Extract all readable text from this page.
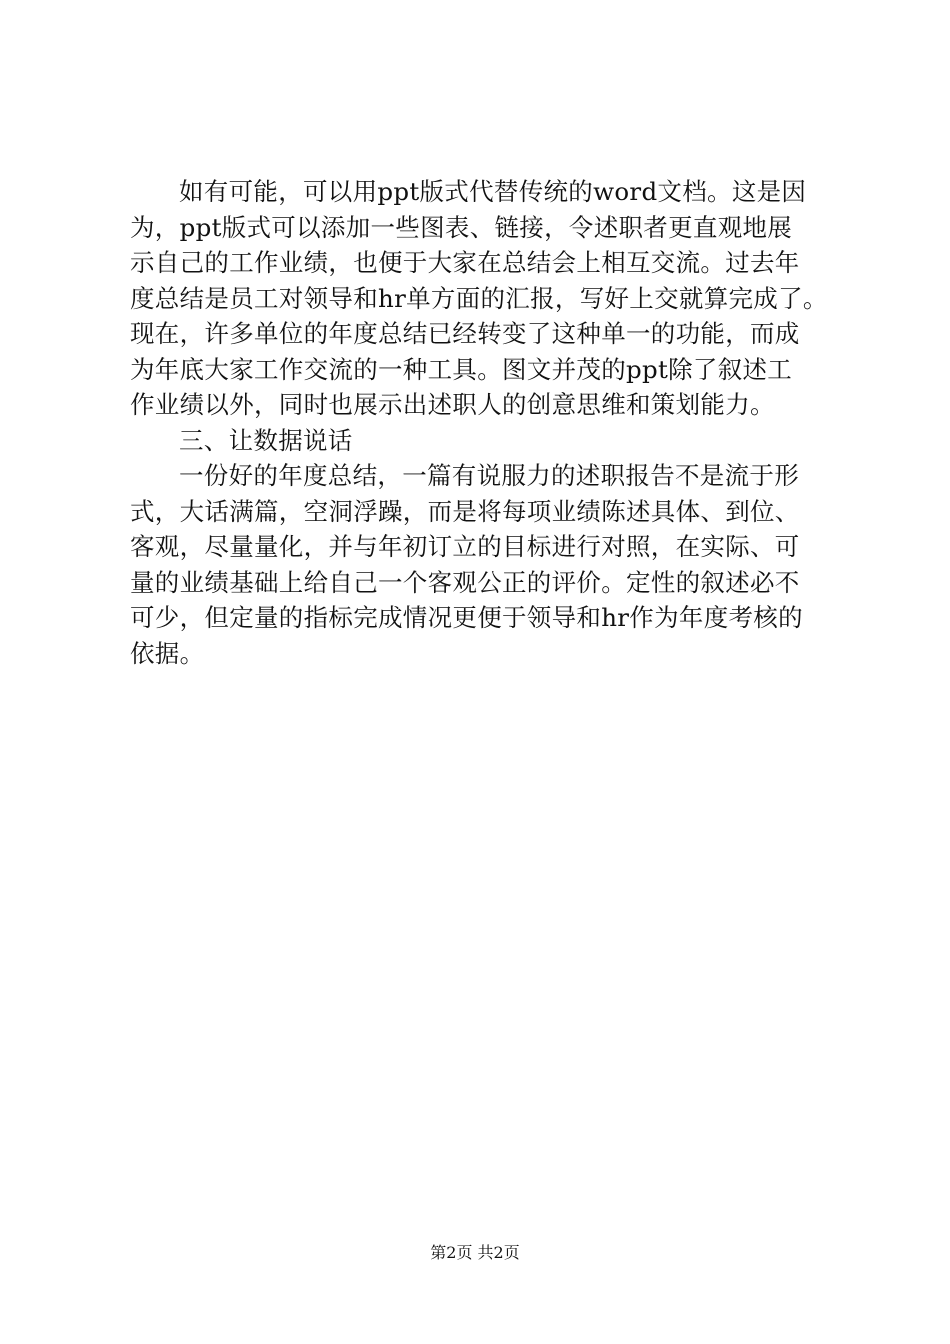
如有可能，可以用ppt版式代替传统的word文档。这是因
为，ppt版式可以添加一些图表、链接，令述职者更直观地展
示自己的工作业绩，也便于大家在总结会上相互交流。过去年
度总结是员工对领导和hr单方面的汇报，写好上交就算完成了。
现在，许多单位的年度总结已经转变了这种单一的功能，而成
为年底大家工作交流的一种工具。图文并茂的ppt除了叙述工
作业绩以外，同时也展示出述职人的创意思维和策划能力。
三、让数据说话
一份好的年度总结，一篇有说服力的述职报告不是流于形
式，大话满篇，空洞浮躁，而是将每项业绩陈述具体、到位、
客观，尽量量化，并与年初订立的目标进行对照，在实际、可
量的业绩基础上给自己一个客观公正的评价。定性的叙述必不
可少，但定量的指标完成情况更便于领导和hr作为年度考核的
依据。
第2页 共2页
